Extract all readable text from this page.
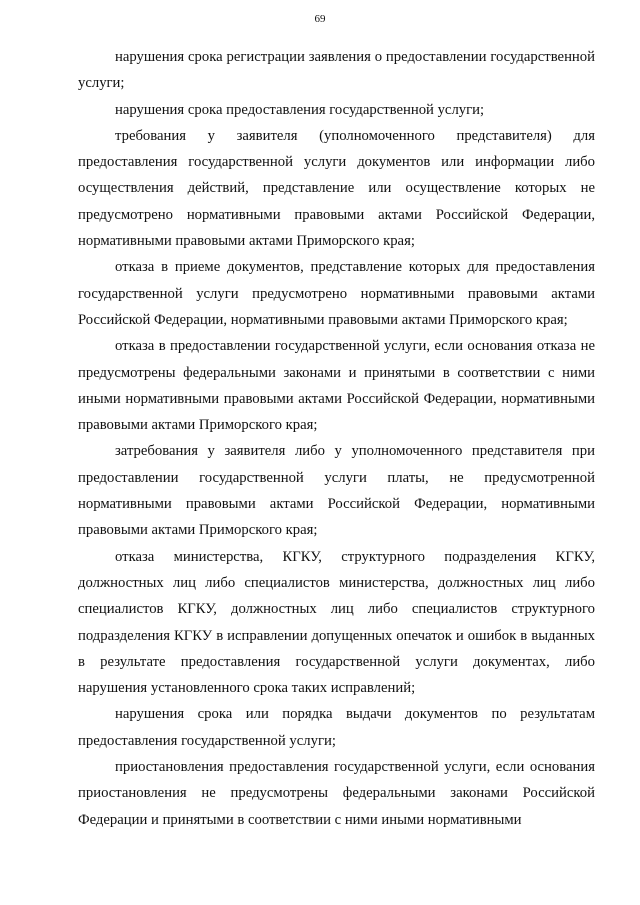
69

нарушения срока регистрации заявления о предоставлении государственной услуги;

нарушения срока предоставления государственной услуги;

требования у заявителя (уполномоченного представителя) для предоставления государственной услуги документов или информации либо осуществления действий, представление или осуществление которых не предусмотрено нормативными правовыми актами Российской Федерации, нормативными правовыми актами Приморского края;

отказа в приеме документов, представление которых для предоставления государственной услуги предусмотрено нормативными правовыми актами Российской Федерации, нормативными правовыми актами Приморского края;

отказа в предоставлении государственной услуги, если основания отказа не предусмотрены федеральными законами и принятыми в соответствии с ними иными нормативными правовыми актами Российской Федерации, нормативными правовыми актами Приморского края;

затребования у заявителя либо у уполномоченного представителя при предоставлении государственной услуги платы, не предусмотренной нормативными правовыми актами Российской Федерации, нормативными правовыми актами Приморского края;

отказа министерства, КГКУ, структурного подразделения КГКУ, должностных лиц либо специалистов министерства, должностных лиц либо специалистов КГКУ, должностных лиц либо специалистов структурного подразделения КГКУ в исправлении допущенных опечаток и ошибок в выданных в результате предоставления государственной услуги документах, либо нарушения установленного срока таких исправлений;

нарушения срока или порядка выдачи документов по результатам предоставления государственной услуги;

приостановления предоставления государственной услуги, если основания приостановления не предусмотрены федеральными законами Российской Федерации и принятыми в соответствии с ними иными нормативными
